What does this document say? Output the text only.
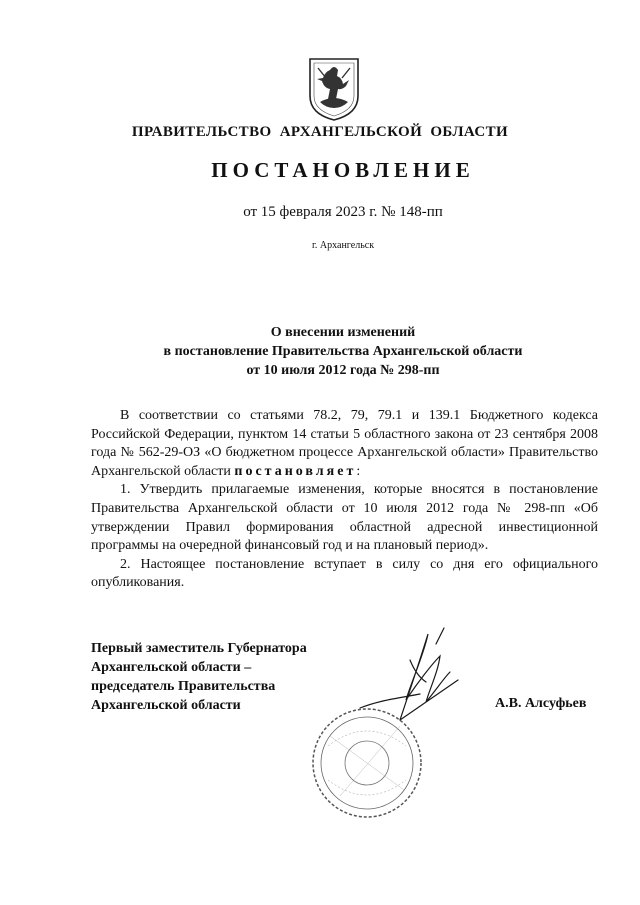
ПРАВИТЕЛЬСТВО АРХАНГЕЛЬСКОЙ ОБЛАСТИ
ПОСТАНОВЛЕНИЕ
от 15 февраля 2023 г. № 148-пп
г. Архангельск
О внесении изменений
в постановление Правительства Архангельской области
от 10 июля 2012 года № 298-пп

В соответствии со статьями 78.2, 79, 79.1 и 139.1 Бюджетного кодекса Российской Федерации, пунктом 14 статьи 5 областного закона от 23 сентября 2008 года № 562-29-ОЗ «О бюджетном процессе Архангельской области» Правительство Архангельской области постановляет:

1. Утвердить прилагаемые изменения, которые вносятся в постановление Правительства Архангельской области от 10 июля 2012 года № 298-пп «Об утверждении Правил формирования областной адресной инвестиционной программы на очередной финансовый год и на плановый период».

2. Настоящее постановление вступает в силу со дня его официального опубликования.

Первый заместитель Губернатора
Архангельской области –
председатель Правительства
Архангельской области	А.В. Алсуфьев
